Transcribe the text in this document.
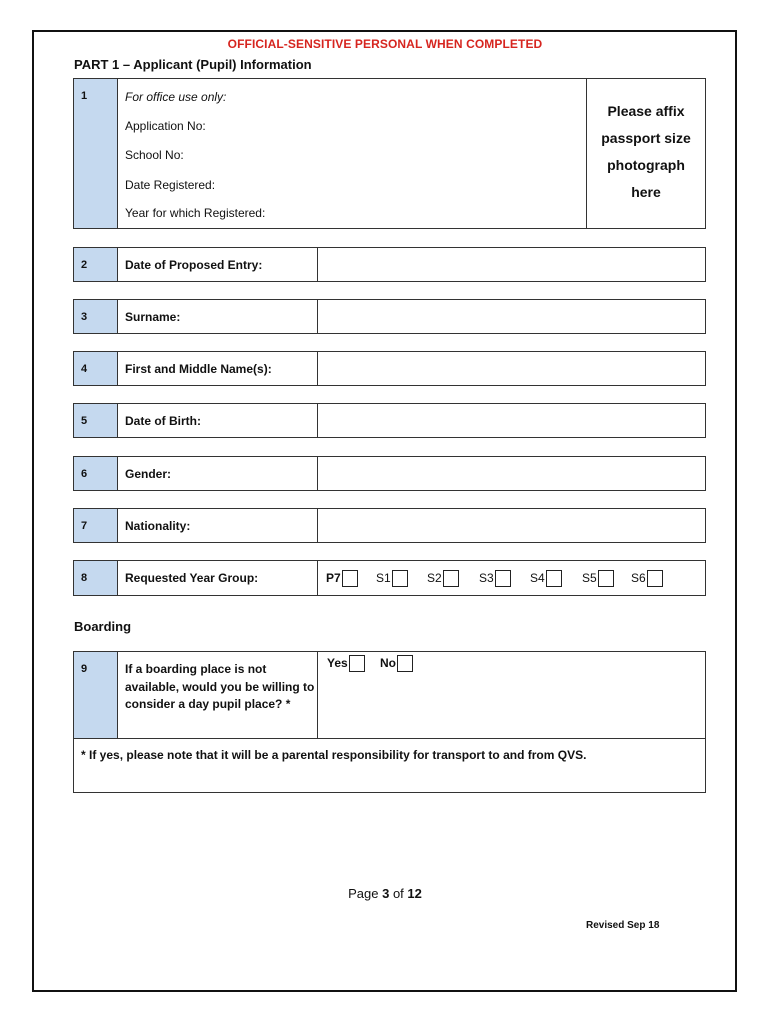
OFFICIAL-SENSITIVE PERSONAL WHEN COMPLETED
PART 1 – Applicant (Pupil) Information
1	For office use only:
Application No:
School No:
Date Registered:
Year for which Registered:
Please affix
passport size
photograph
here
2	Date of Proposed Entry:
3	Surname:
4	First and Middle Name(s):
5	Date of Birth:
6	Gender:
7	Nationality:
8	Requested Year Group:	P7	S1	S2	S3	S4	S5	S6
Boarding
9	If a boarding place is not available, would you be willing to consider a day pupil place? *
Yes	No
* If yes, please note that it will be a parental responsibility for transport to and from QVS.
Page 3 of 12
Revised Sep 18
